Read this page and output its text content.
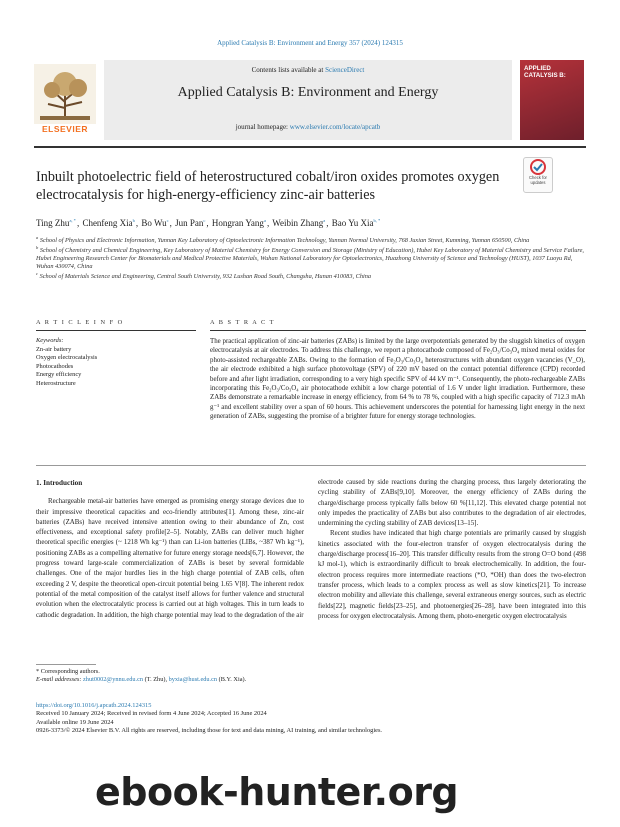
Applied Catalysis B: Environment and Energy 357 (2024) 124315
ELSEVIER
Contents lists available at ScienceDirect
Applied Catalysis B: Environment and Energy
journal homepage: www.elsevier.com/locate/apcatb
APPLIED CATALYSIS B:
Inbuilt photoelectric field of heterostructured cobalt/iron oxides promotes oxygen electrocatalysis for high-energy-efficiency zinc-air batteries
Check for updates
Ting Zhu$^{a, *}$, Chenfeng Xia$^b$, Bo Wu$^c$, Jun Pan$^c$, Hongran Yang$^a$, Weibin Zhang$^a$, Bao Yu Xia$^{b, *}$
$^a$ School of Physics and Electronic Information, Yunnan Key Laboratory of Optoelectronic Information Technology, Yunnan Normal University, 768 Juxian Street, Kunming, Yunnan 650500, China
$^b$ School of Chemistry and Chemical Engineering, Key Laboratory of Material Chemistry for Energy Conversion and Storage (Ministry of Education), Hubei Key Laboratory of Material Chemistry and Service Failure, Hubei Engineering Research Center for Biomaterials and Medical Protective Materials, Wuhan National Laboratory for Optoelectronics, Huazhong University of Science and Technology (HUST), 1037 Luoyu Rd, Wuhan 430074, China
$^c$ School of Materials Science and Engineering, Central South University, 932 Lushan Road South, Changsha, Hunan 410083, China
A R T I C L E I N F O
Keywords:
Zn-air battery
Oxygen electrocatalysis
Photocathodes
Energy efficiency
Heterostructure
A B S T R A C T
The practical application of zinc-air batteries (ZABs) is limited by the large overpotentials generated by the sluggish kinetics of oxygen electrocatalysis at air electrodes. To address this challenge, we report a photocathode composed of Fe₂O₃/Co₃O₄ mixed metal oxides for photo-assisted rechargeable ZABs. Owing to the formation of Fe₂O₃/Co₃O₄ heterostructures with abundant oxygen vacancies (V_O), the air electrode exhibited a high surface photovoltage (SPV) of 220 mV based on the contact potential difference (CPD) recorded before and after light irradiation, corresponding to a very high specific SPV of 44 kV m⁻¹. Consequently, the photo-rechargeable ZABs incorporating this Fe₂O₃/Co₃O₄ air photocathode exhibit a low charge potential of 1.6 V under light irradiation. Furthermore, these ZABs demonstrate a remarkable increase in energy efficiency, from 64 % to 78 %, coupled with a high specific capacity of 712.3 mAh g⁻¹ and excellent stability over a span of 60 hours. This achievement underscores the potential for harnessing light energy in the next generation of ZABs, suggesting the promise of a brighter future for energy storage technologies.
1. Introduction

Rechargeable metal-air batteries have emerged as promising energy storage devices due to their impressive theoretical capacities and eco-friendly attributes[1]. Among these, zinc-air batteries (ZABs) have received intensive attention owing to their abundance of Zn, cost effectiveness, and exceptional safety profile[2–5]. Notably, ZABs can deliver much higher theoretical specific energies (~ 1218 Wh kg⁻¹) than can Li-ion batteries (LIBs, ~387 Wh kg⁻¹), positioning ZABs as a compelling alternative for future energy storage needs[6,7]. However, the progress toward large-scale commercialization of ZABs is beset by several formidable challenges. One of the major hurdles lies in the high charge potential of ZAB cells, often exceeding 2 V, despite the theoretical open-circuit potential being 1.65 V[8]. The inherent redox potential of the metal composition of the catalyst itself allows for further valence and structural evolution when the electrocatalytic process is carried out at high voltages. This in turn leads to cathodic degradation. In addition, the high charge potential may lead to the degradation of the air

electrode caused by side reactions during the charging process, thus largely deteriorating the cycling stability of ZABs[9,10]. Moreover, the energy efficiency of ZABs during the charge/discharge process typically falls below 60 %[11,12]. This elevated charge potential not only impedes the practicality of ZABs but also contributes to the degradation of air electrodes, undermining the cycling stability of ZAB devices[13–15].

Recent studies have indicated that high charge potentials are primarily caused by sluggish kinetics associated with the four-electron transfer of oxygen electrocatalysis during the charge/discharge process[16–20]. This transfer difficulty results from the strong O=O bond (498 kJ mol-1), which is extraordinarily difficult to break electrochemically. In addition, the four-electron process requires more intermediate reactions (*O, *OH) than does the two-electron transfer process, which leads to a complex process as well as slow kinetics[21]. To increase electron mobility and alleviate this challenge, several extraneous energy sources, such as electric fields[22], magnetic fields[23–25], and photoenergies[26–28], have been integrated into this process for oxygen electrocatalysis. Among them, photo-energetic oxygen electrocatalysis

* Corresponding authors.
E-mail addresses: zhut0002@ynnu.edu.cn (T. Zhu), byxia@hust.edu.cn (B.Y. Xia).
https://doi.org/10.1016/j.apcatb.2024.124315
Received 10 January 2024; Received in revised form 4 June 2024; Accepted 16 June 2024
Available online 19 June 2024
0926-3373/© 2024 Elsevier B.V. All rights are reserved, including those for text and data mining, AI training, and similar technologies.
ebook-hunter.org
